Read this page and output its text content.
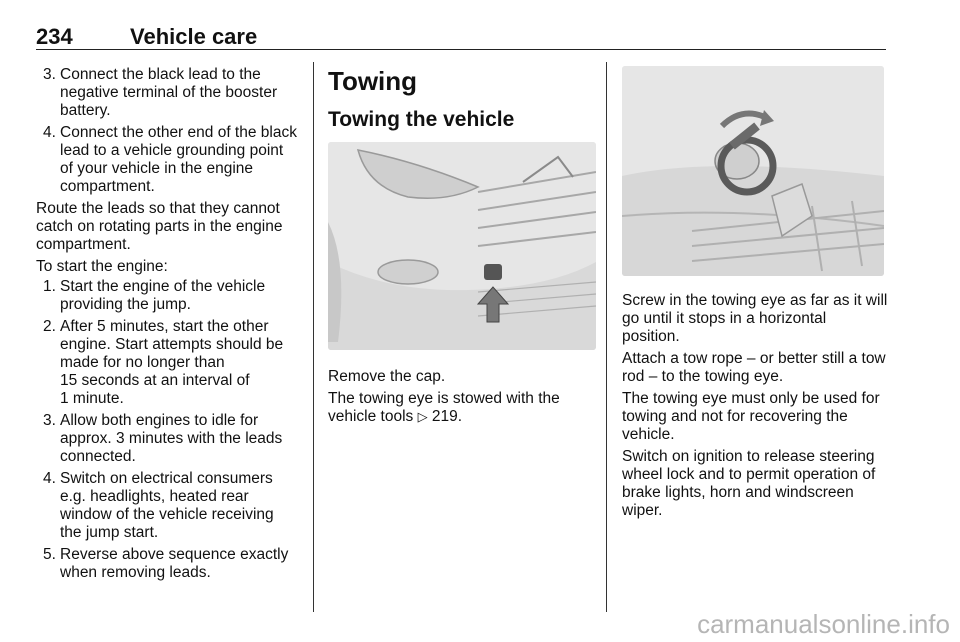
234	Vehicle care
3. Connect the black lead to the
negative terminal of the booster
battery.
4. Connect the other end of the black
lead to a vehicle grounding point
of your vehicle in the engine
compartment.

Route the leads so that they cannot
catch on rotating parts in the engine
compartment.

To start the engine:

1. Start the engine of the vehicle
providing the jump.
2. After 5 minutes, start the other
engine. Start attempts should be
made for no longer than
15 seconds at an interval of
1 minute.
3. Allow both engines to idle for
approx. 3 minutes with the leads
connected.
4. Switch on electrical consumers
e.g. headlights, heated rear
window of the vehicle receiving
the jump start.
5. Reverse above sequence exactly
when removing leads.
Towing
Towing the vehicle

Remove the cap.

The towing eye is stowed with the
vehicle tools ▷ 219.

Screw in the towing eye as far as it will
go until it stops in a horizontal
position.

Attach a tow rope – or better still a tow
rod – to the towing eye.

The towing eye must only be used for
towing and not for recovering the
vehicle.

Switch on ignition to release steering
wheel lock and to permit operation of
brake lights, horn and windscreen
wiper.

carmanualsonline.info
